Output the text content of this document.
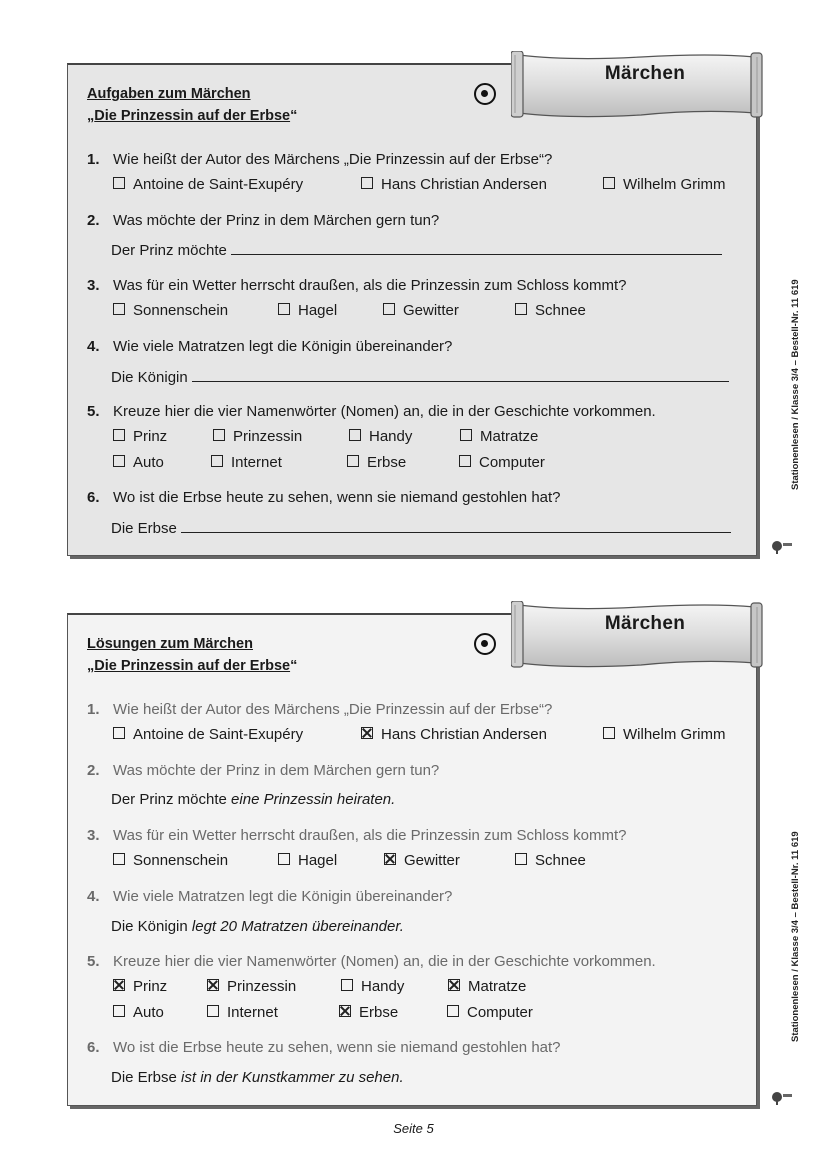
Aufgaben zum Märchen
„Die Prinzessin auf der Erbse“
Märchen
1. Wie heißt der Autor des Märchens „Die Prinzessin auf der Erbse“?
Antoine de Saint-Exupéry	Hans Christian Andersen	Wilhelm Grimm
2. Was möchte der Prinz in dem Märchen gern tun?
Der Prinz möchte
3. Was für ein Wetter herrscht draußen, als die Prinzessin zum Schloss kommt?
Sonnenschein	Hagel	Gewitter	Schnee
4. Wie viele Matratzen legt die Königin übereinander?
Die Königin
5. Kreuze hier die vier Namenwörter (Nomen) an, die in der Geschichte vorkommen.
Prinz	Prinzessin	Handy	Matratze
Auto	Internet	Erbse	Computer
6. Wo ist die Erbse heute zu sehen, wenn sie niemand gestohlen hat?
Die Erbse
Lösungen zum Märchen
„Die Prinzessin auf der Erbse“
Märchen
1. Wie heißt der Autor des Märchens „Die Prinzessin auf der Erbse“?
Antoine de Saint-Exupéry	Hans Christian Andersen	Wilhelm Grimm
2. Was möchte der Prinz in dem Märchen gern tun?
Der Prinz möchte eine Prinzessin heiraten.
3. Was für ein Wetter herrscht draußen, als die Prinzessin zum Schloss kommt?
Sonnenschein	Hagel	Gewitter	Schnee
4. Wie viele Matratzen legt die Königin übereinander?
Die Königin legt 20 Matratzen übereinander.
5. Kreuze hier die vier Namenwörter (Nomen) an, die in der Geschichte vorkommen.
Prinz	Prinzessin	Handy	Matratze
Auto	Internet	Erbse	Computer
6. Wo ist die Erbse heute zu sehen, wenn sie niemand gestohlen hat?
Die Erbse ist in der Kunstkammer zu sehen.
Stationenlesen / Klasse 3/4 – Bestell-Nr. 11 619
Stationenlesen / Klasse 3/4 – Bestell-Nr. 11 619
Seite 5
